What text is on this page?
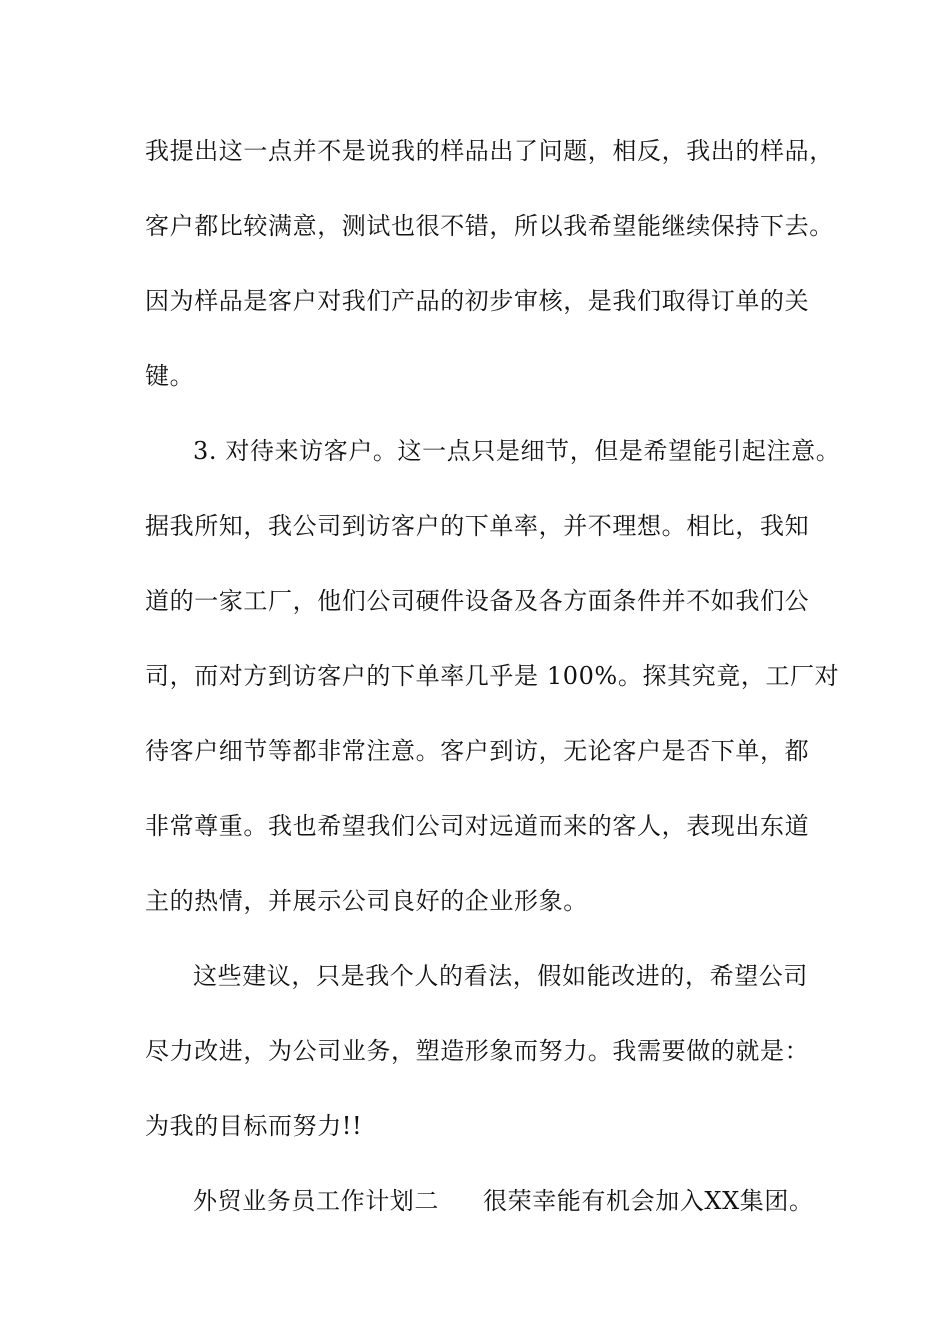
我提出这一点并不是说我的样品出了问题，相反，我出的样品，

客户都比较满意，测试也很不错，所以我希望能继续保持下去。

因为样品是客户对我们产品的初步审核，是我们取得订单的关

键。

3. 对待来访客户。这一点只是细节，但是希望能引起注意。

据我所知，我公司到访客户的下单率，并不理想。相比，我知

道的一家工厂，他们公司硬件设备及各方面条件并不如我们公

司，而对方到访客户的下单率几乎是 100%。探其究竟，工厂对

待客户细节等都非常注意。客户到访，无论客户是否下单，都

非常尊重。我也希望我们公司对远道而来的客人，表现出东道

主的热情，并展示公司良好的企业形象。

这些建议，只是我个人的看法，假如能改进的，希望公司

尽力改进，为公司业务，塑造形象而努力。我需要做的就是：

为我的目标而努力!!

外贸业务员工作计划二 很荣幸能有机会加入XX集团。
